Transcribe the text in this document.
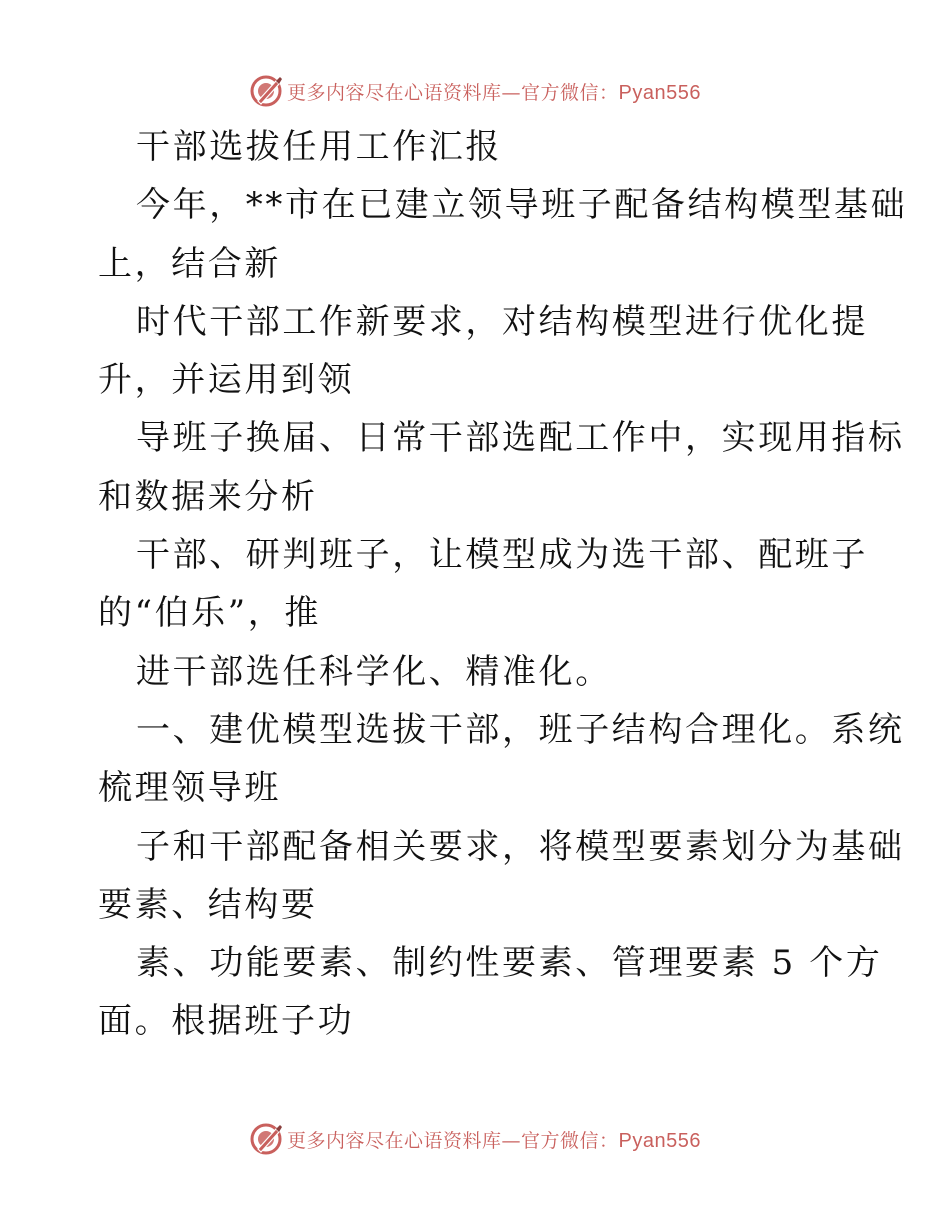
更多内容尽在心语资料库—官方微信：Pyan556
干部选拔任用工作汇报
今年，**市在已建立领导班子配备结构模型基础
上，结合新
时代干部工作新要求，对结构模型进行优化提
升，并运用到领
导班子换届、日常干部选配工作中，实现用指标
和数据来分析
干部、研判班子，让模型成为选干部、配班子
的“伯乐”，推
进干部选任科学化、精准化。
一、建优模型选拔干部，班子结构合理化。系统
梳理领导班
子和干部配备相关要求，将模型要素划分为基础
要素、结构要
素、功能要素、制约性要素、管理要素 5 个方
面。根据班子功
更多内容尽在心语资料库—官方微信：Pyan556
